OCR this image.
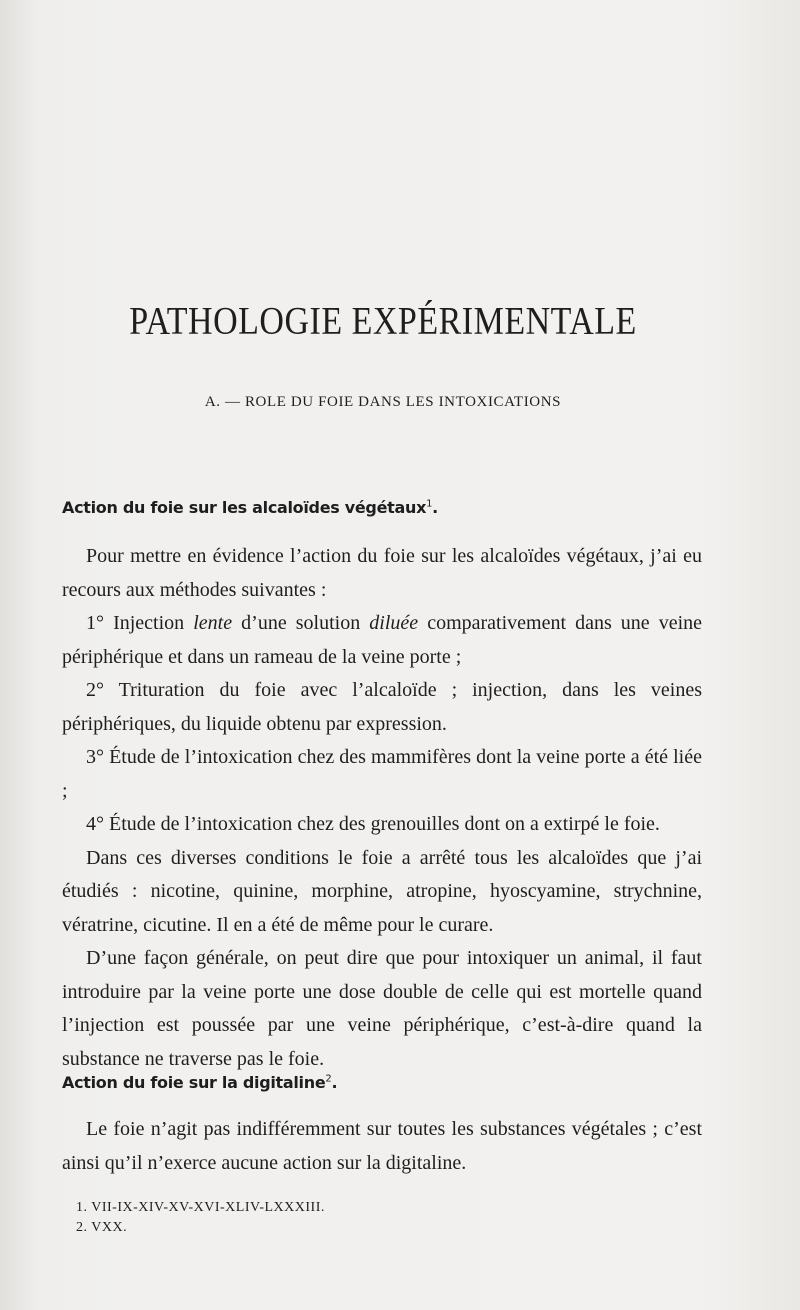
PATHOLOGIE EXPÉRIMENTALE
A. — ROLE DU FOIE DANS LES INTOXICATIONS
Action du foie sur les alcaloïdes végétaux$^1$.

Pour mettre en évidence l’action du foie sur les alcaloïdes végétaux, j’ai eu recours aux méthodes suivantes :

1° Injection lente d’une solution diluée comparativement dans une veine périphérique et dans un rameau de la veine porte ;

2° Trituration du foie avec l’alcaloïde ; injection, dans les veines périphériques, du liquide obtenu par expression.

3° Étude de l’intoxication chez des mammifères dont la veine porte a été liée ;

4° Étude de l’intoxication chez des grenouilles dont on a extirpé le foie.

Dans ces diverses conditions le foie a arrêté tous les alcaloïdes que j’ai étudiés : nicotine, quinine, morphine, atropine, hyoscyamine, strychnine, vératrine, cicutine. Il en a été de même pour le curare.

D’une façon générale, on peut dire que pour intoxiquer un animal, il faut introduire par la veine porte une dose double de celle qui est mortelle quand l’injection est poussée par une veine périphérique, c’est-à-dire quand la substance ne traverse pas le foie.

Action du foie sur la digitaline$^2$.

Le foie n’agit pas indifféremment sur toutes les substances végétales ; c’est ainsi qu’il n’exerce aucune action sur la digitaline.

1. VII-IX-XIV-XV-XVI-XLIV-LXXXIII.
2. VXX.
